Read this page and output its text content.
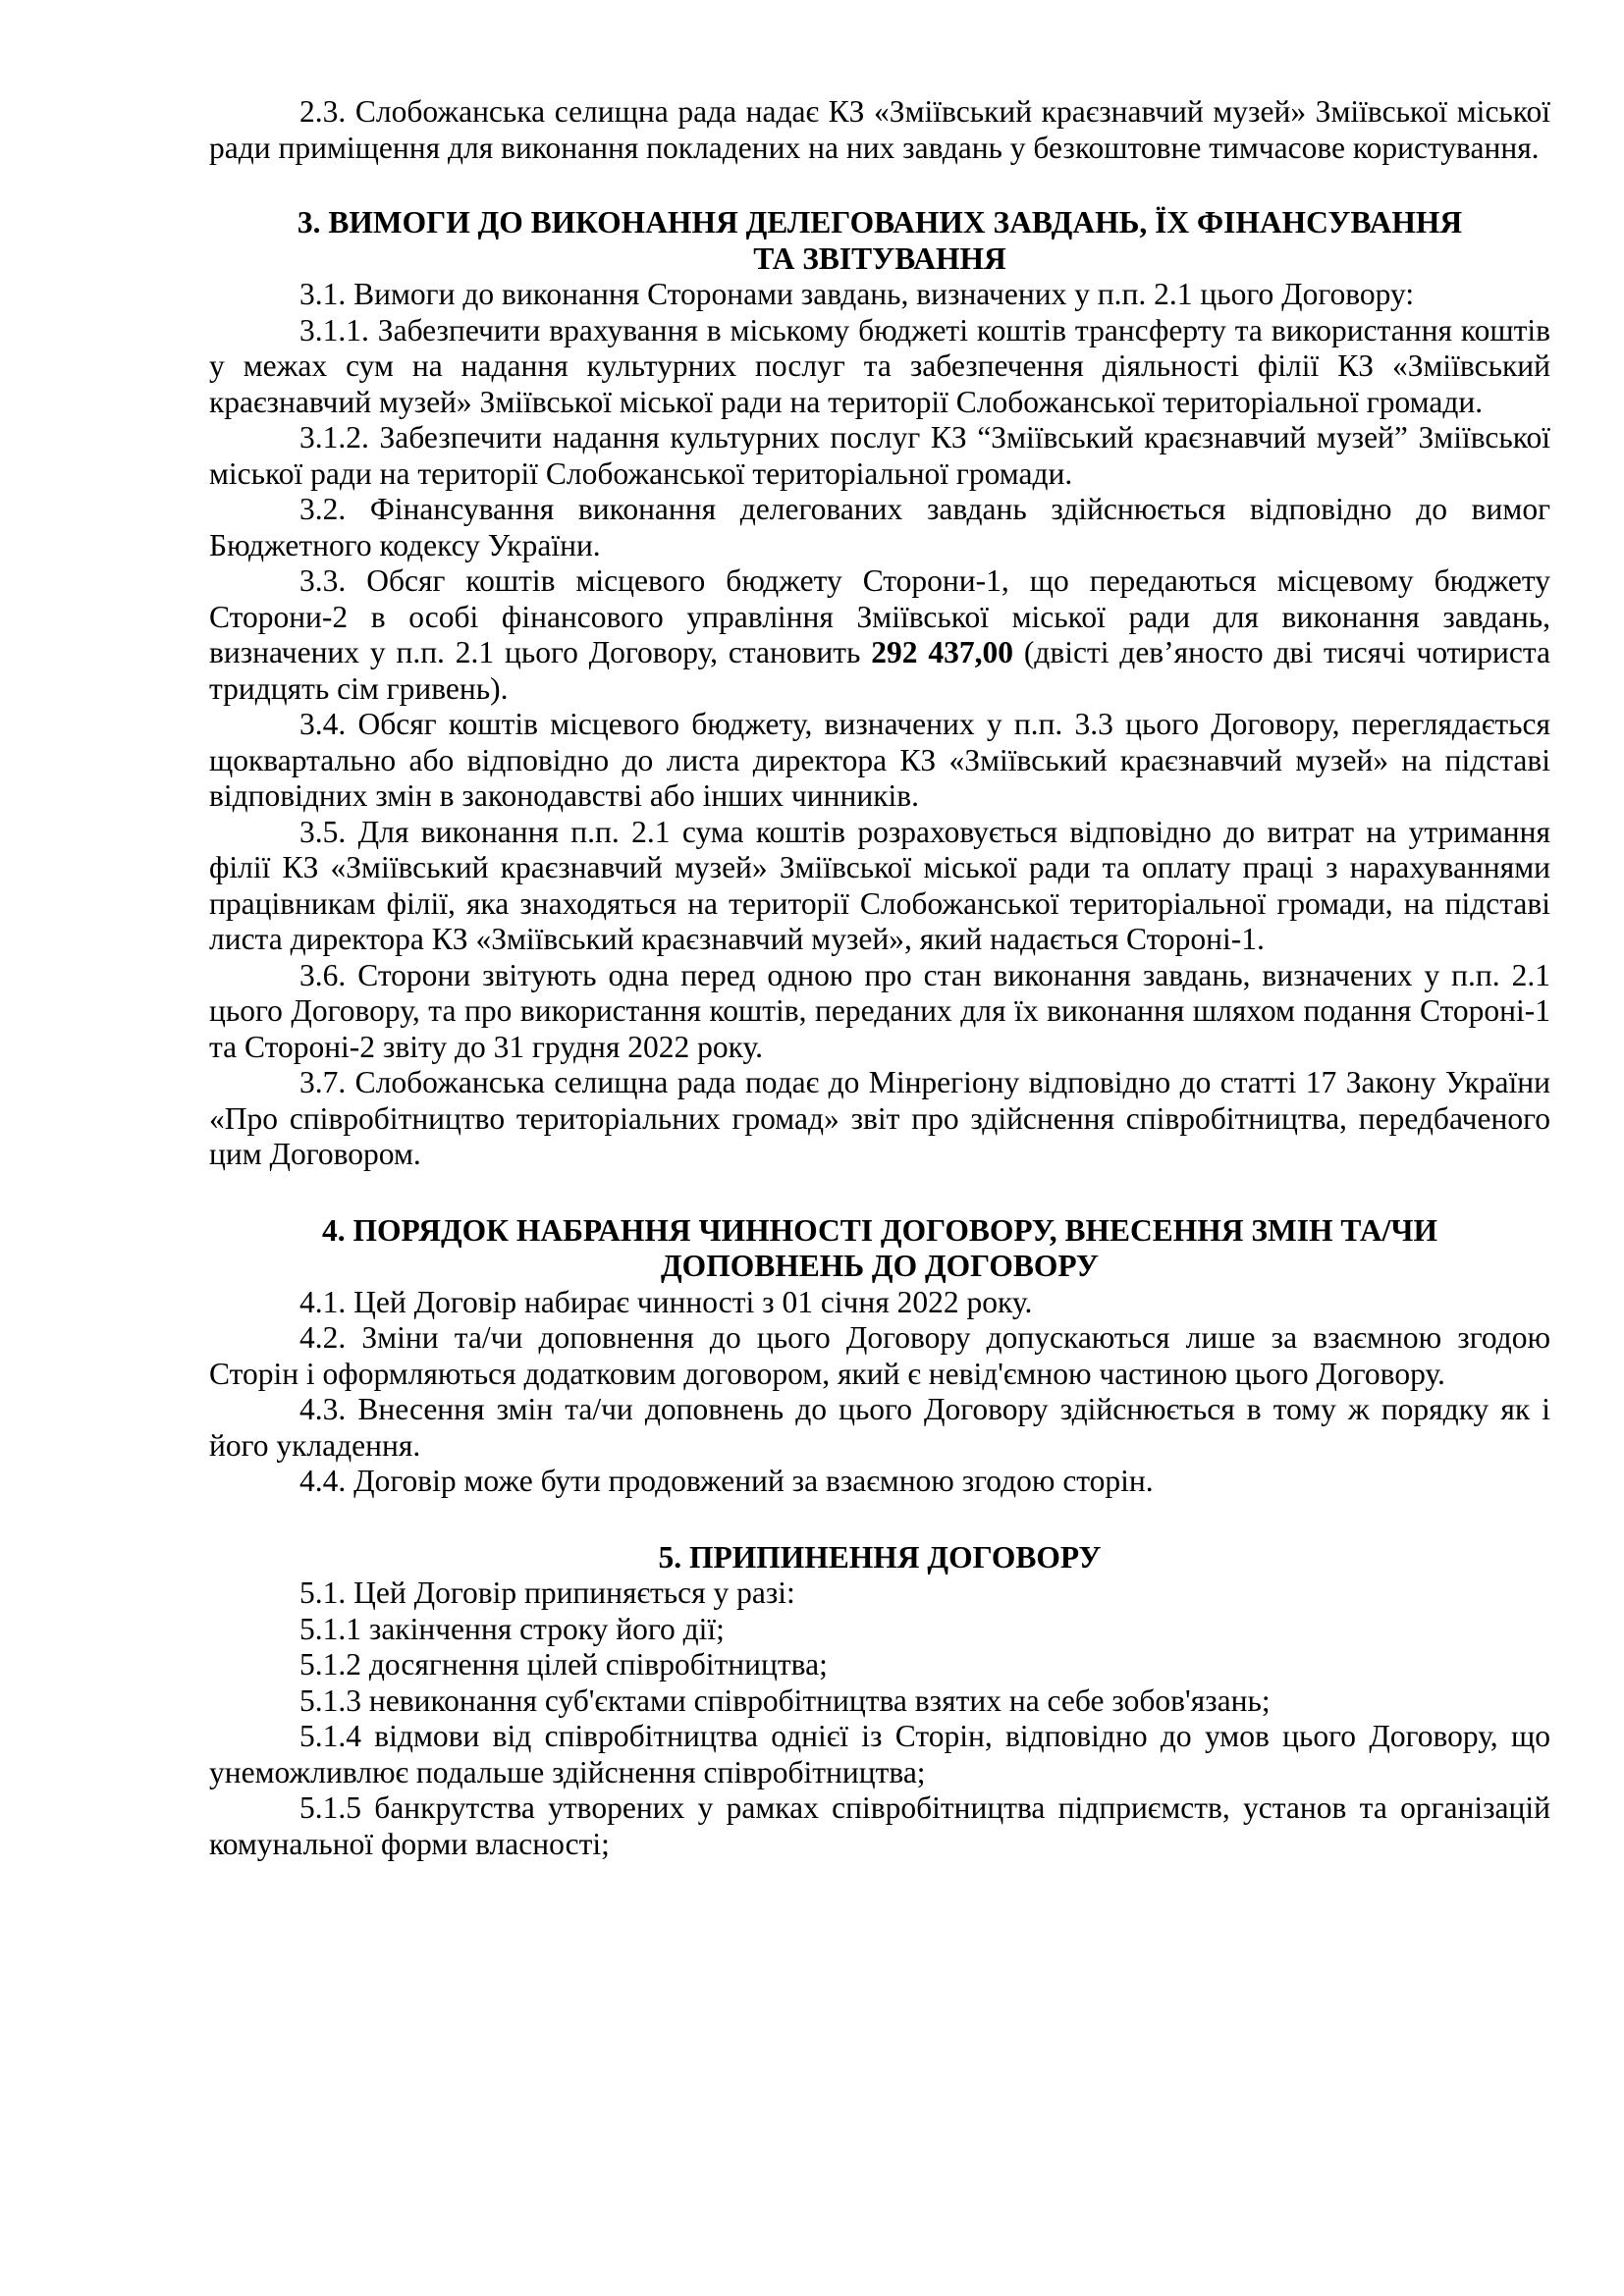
2.3. Слобожанська селищна рада надає КЗ «Зміївський краєзнавчий музей» Зміївської міської ради приміщення для виконання покладених на них завдань у безкоштовне тимчасове користування.

3. ВИМОГИ ДО ВИКОНАННЯ ДЕЛЕГОВАНИХ ЗАВДАНЬ, ЇХ ФІНАНСУВАННЯ
ТА ЗВІТУВАННЯ

3.1. Вимоги до виконання Сторонами завдань, визначених у п.п. 2.1 цього Договору:

3.1.1. Забезпечити врахування в міському бюджеті коштів трансферту та використання коштів у межах сум на надання культурних послуг та забезпечення діяльності філії КЗ «Зміївський краєзнавчий музей» Зміївської міської ради на території Слобожанської територіальної громади.

3.1.2. Забезпечити надання культурних послуг КЗ “Зміївський краєзнавчий музей” Зміївської міської ради на території Слобожанської територіальної громади.

3.2. Фінансування виконання делегованих завдань здійснюється відповідно до вимог Бюджетного кодексу України.

3.3. Обсяг коштів місцевого бюджету Сторони-1, що передаються місцевому бюджету Сторони-2 в особі фінансового управління Зміївської міської ради для виконання завдань, визначених у п.п. 2.1 цього Договору, становить 292 437,00 (двісті дев’яносто дві тисячі чотириста тридцять сім гривень).

3.4. Обсяг коштів місцевого бюджету, визначених у п.п. 3.3 цього Договору, переглядається щоквартально або відповідно до листа директора КЗ «Зміївський краєзнавчий музей» на підставі відповідних змін в законодавстві або інших чинників.

3.5. Для виконання п.п. 2.1 сума коштів розраховується відповідно до витрат на утримання філії КЗ «Зміївський краєзнавчий музей» Зміївської міської ради та оплату праці з нарахуваннями працівникам філії, яка знаходяться на території Слобожанської територіальної громади, на підставі листа директора КЗ «Зміївський краєзнавчий музей», який надається Стороні-1.

3.6. Сторони звітують одна перед одною про стан виконання завдань, визначених у п.п. 2.1 цього Договору, та про використання коштів, переданих для їх виконання шляхом подання Стороні-1 та Стороні-2 звіту до 31 грудня 2022 року.

3.7. Слобожанська селищна рада подає до Мінрегіону відповідно до статті 17 Закону України «Про співробітництво територіальних громад» звіт про здійснення співробітництва, передбаченого цим Договором.

4. ПОРЯДОК НАБРАННЯ ЧИННОСТІ ДОГОВОРУ, ВНЕСЕННЯ ЗМІН ТА/ЧИ
ДОПОВНЕНЬ ДО ДОГОВОРУ

4.1. Цей Договір набирає чинності з 01 січня 2022 року.

4.2. Зміни та/чи доповнення до цього Договору допускаються лише за взаємною згодою Сторін і оформляються додатковим договором, який є невід'ємною частиною цього Договору.

4.3. Внесення змін та/чи доповнень до цього Договору здійснюється в тому ж порядку як і його укладення.

4.4. Договір може бути продовжений за взаємною згодою сторін.

5. ПРИПИНЕННЯ ДОГОВОРУ

5.1. Цей Договір припиняється у разі:

5.1.1 закінчення строку його дії;

5.1.2 досягнення цілей співробітництва;

5.1.3 невиконання суб'єктами співробітництва взятих на себе зобов'язань;

5.1.4 відмови від співробітництва однієї із Сторін, відповідно до умов цього Договору, що унеможливлює подальше здійснення співробітництва;

5.1.5 банкрутства утворених у рамках співробітництва підприємств, установ та організацій комунальної форми власності;
